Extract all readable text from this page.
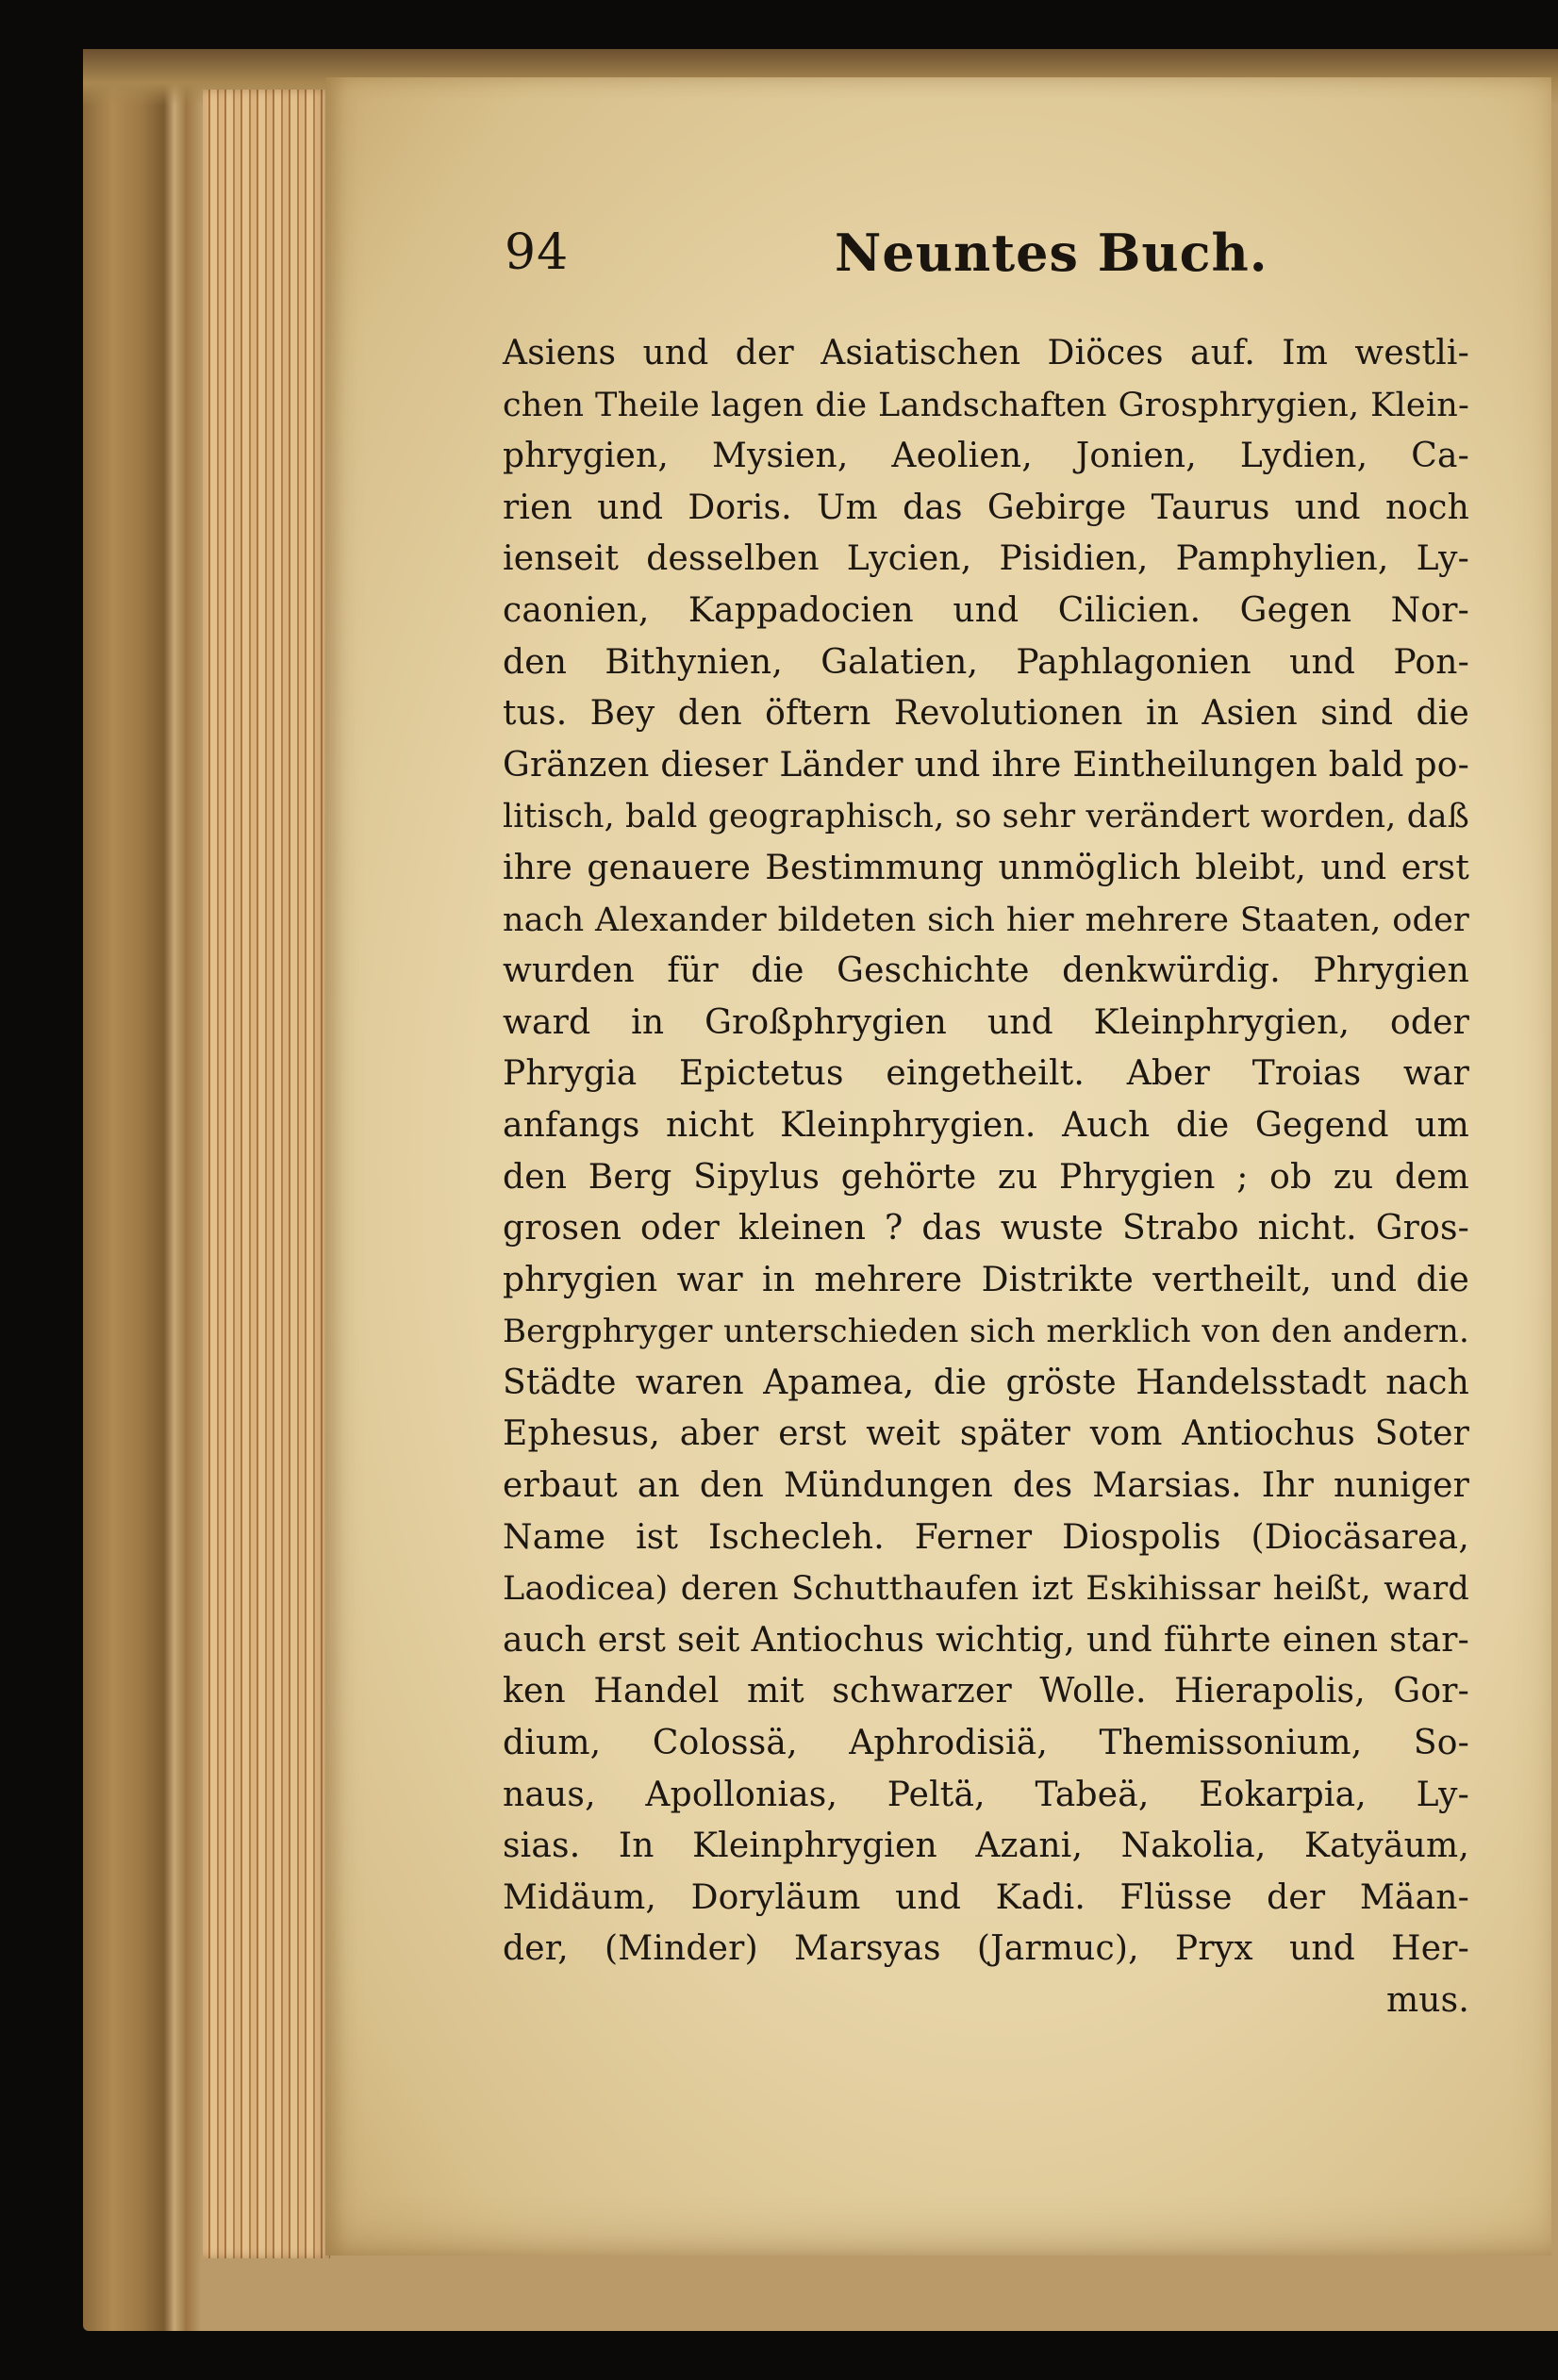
94	Neuntes Buch.
Asiens und der Asiatischen Diöces auf. Im westli-
chen Theile lagen die Landschaften Grosphrygien, Klein-
phrygien, Mysien, Aeolien, Jonien, Lydien, Ca-
rien und Doris. Um das Gebirge Taurus und noch
ienseit desselben Lycien, Pisidien, Pamphylien, Ly-
caonien, Kappadocien und Cilicien. Gegen Nor-
den Bithynien, Galatien, Paphlagonien und Pon-
tus. Bey den öftern Revolutionen in Asien sind die
Gränzen dieser Länder und ihre Eintheilungen bald po-
litisch, bald geographisch, so sehr verändert worden, daß
ihre genauere Bestimmung unmöglich bleibt, und erst
nach Alexander bildeten sich hier mehrere Staaten, oder
wurden für die Geschichte denkwürdig. Phrygien
ward in Großphrygien und Kleinphrygien, oder
Phrygia Epictetus eingetheilt. Aber Troias war
anfangs nicht Kleinphrygien. Auch die Gegend um
den Berg Sipylus gehörte zu Phrygien ; ob zu dem
grosen oder kleinen ? das wuste Strabo nicht. Gros-
phrygien war in mehrere Distrikte vertheilt, und die
Bergphryger unterschieden sich merklich von den andern.
Städte waren Apamea, die gröste Handelsstadt nach
Ephesus, aber erst weit später vom Antiochus Soter
erbaut an den Mündungen des Marsias. Ihr nuniger
Name ist Ischecleh. Ferner Diospolis (Diocäsarea,
Laodicea) deren Schutthaufen izt Eskihissar heißt, ward
auch erst seit Antiochus wichtig, und führte einen star-
ken Handel mit schwarzer Wolle. Hierapolis, Gor-
dium, Colossä, Aphrodisiä, Themissonium, So-
naus, Apollonias, Peltä, Tabeä, Eokarpia, Ly-
sias. In Kleinphrygien Azani, Nakolia, Katyäum,
Midäum, Doryläum und Kadi. Flüsse der Mäan-
der, (Minder) Marsyas (Jarmuc), Pryx und Her-
mus.
